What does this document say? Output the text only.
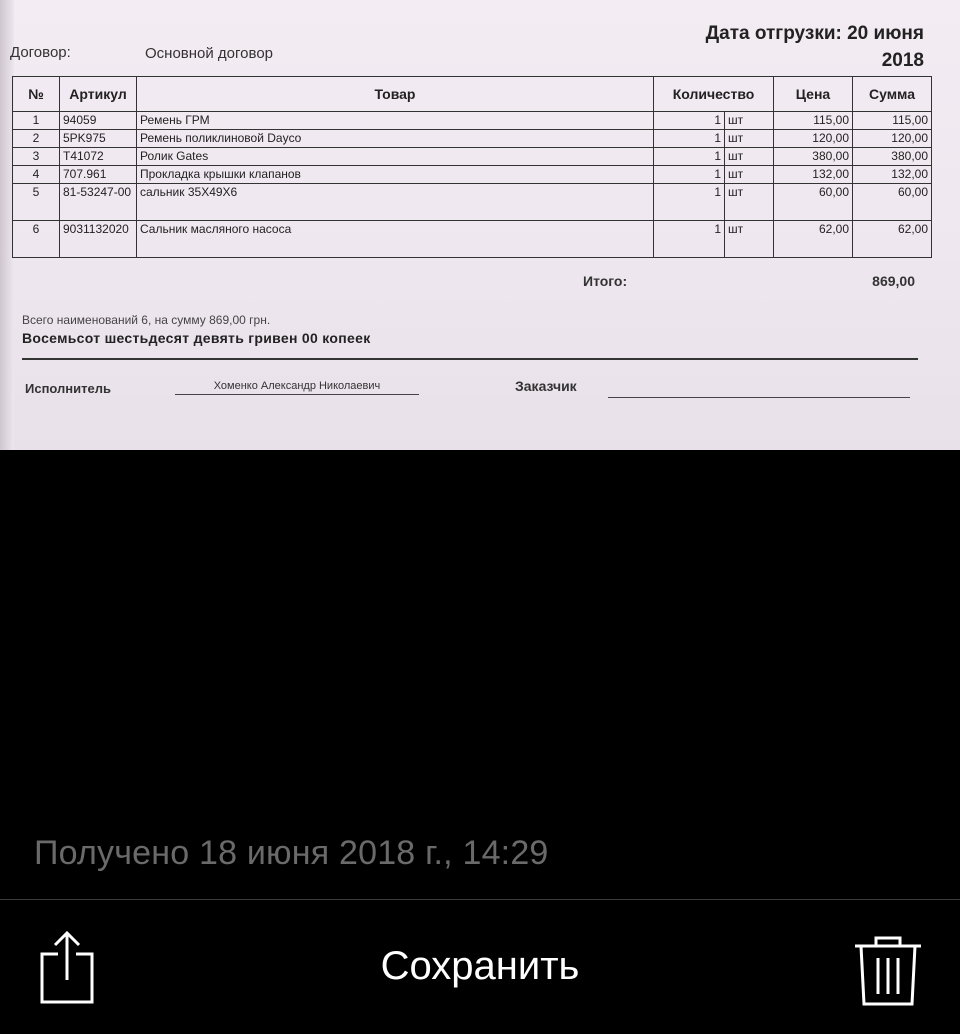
Дата отгрузки: 20 июня
2018
Договор:	Основной договор
№	Артикул	Товар	Количество		Цена	Сумма
1	94059	Ремень ГРМ	1	шт	115,00	115,00
2	5PK975	Ремень поликлиновой Dayco	1	шт	120,00	120,00
3	T41072	Ролик Gates	1	шт	380,00	380,00
4	707.961	Прокладка крышки клапанов	1	шт	132,00	132,00
5	81-53247-00	сальник 35X49X6	1	шт	60,00	60,00
6	9031132020	Сальник масляного насоса	1	шт	62,00	62,00
Итого:	869,00
Всего наименований 6, на сумму 869,00 грн.
Восемьсот шестьдесят девять гривен 00 копеек
Исполнитель	Хоменко Александр Николаевич	Заказчик
Получено 18 июня 2018 г., 14:29
Сохранить
